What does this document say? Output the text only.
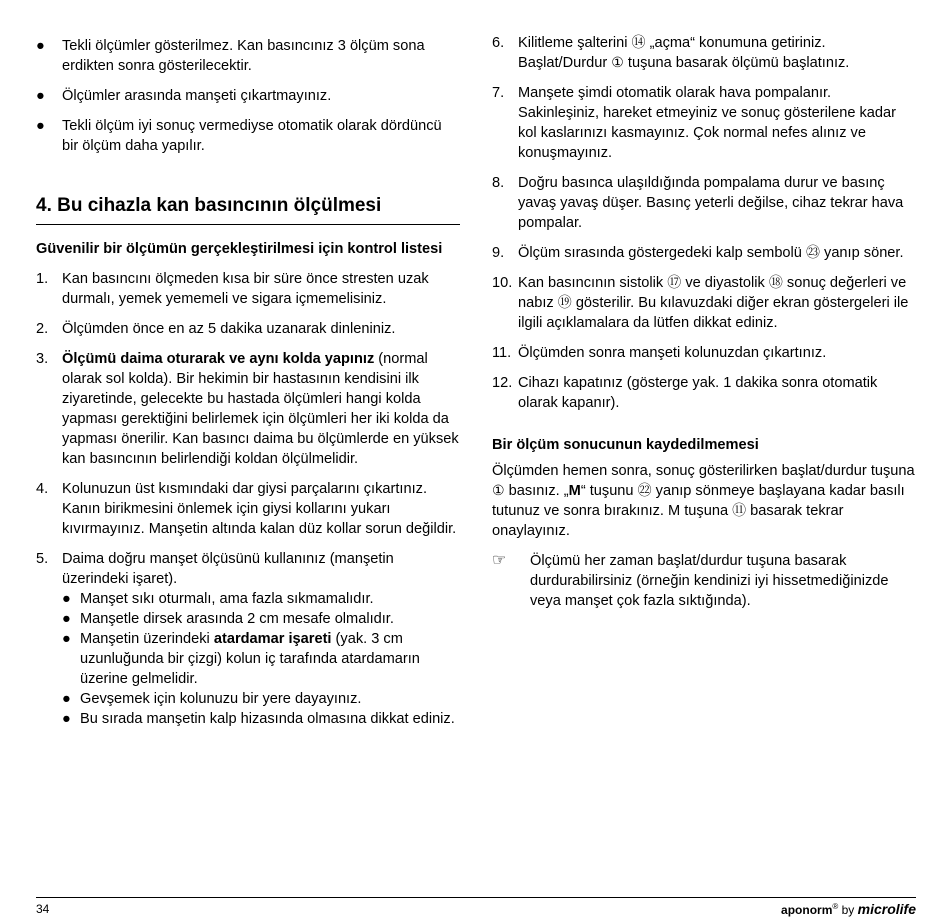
● Tekli ölçümler gösterilmez. Kan basıncınız 3 ölçüm sona erdikten sonra gösterilecektir.

● Ölçümler arasında manşeti çıkartmayınız.

● Tekli ölçüm iyi sonuç vermediyse otomatik olarak dördüncü bir ölçüm daha yapılır.

4. Bu cihazla kan basıncının ölçülmesi
Güvenilir bir ölçümün gerçekleştirilmesi için kontrol listesi
1. Kan basıncını ölçmeden kısa bir süre önce stresten uzak durmalı, yemek yememeli ve sigara içmemelisiniz.

2. Ölçümden önce en az 5 dakika uzanarak dinleniniz.

3. Ölçümü daima oturarak ve aynı kolda yapınız (normal olarak sol kolda). Bir hekimin bir hastasının kendisini ilk ziyaretinde, gelecekte bu hastada ölçümleri hangi kolda yapması gerektiğini belirlemek için ölçümleri her iki kolda da yapması önerilir. Kan basıncı daima bu ölçümlerde en yüksek kan basıncının belirlendiği koldan ölçülmelidir.

4. Kolunuzun üst kısmındaki dar giysi parçalarını çıkartınız. Kanın birikmesini önlemek için giysi kollarını yukarı kıvırmayınız. Manşetin altında kalan düz kollar sorun değildir.

5. Daima doğru manşet ölçüsünü kullanınız (manşetin üzerindeki işaret).

● Manşet sıkı oturmalı, ama fazla sıkmamalıdır.

● Manşetle dirsek arasında 2 cm mesafe olmalıdır.

● Manşetin üzerindeki atardamar işareti (yak. 3 cm uzunluğunda bir çizgi) kolun iç tarafında atardamarın üzerine gelmelidir.

● Gevşemek için kolunuzu bir yere dayayınız.

● Bu sırada manşetin kalp hizasında olmasına dikkat ediniz.

6. Kilitleme şalterini ⑭ „açma“ konumuna getiriniz. Başlat/Durdur ① tuşuna basarak ölçümü başlatınız.

7. Manşete şimdi otomatik olarak hava pompalanır. Sakinleşiniz, hareket etmeyiniz ve sonuç gösterilene kadar kol kaslarınızı kasmayınız. Çok normal nefes alınız ve konuşmayınız.

8. Doğru basınca ulaşıldığında pompalama durur ve basınç yavaş yavaş düşer. Basınç yeterli değilse, cihaz tekrar hava pompalar.

9. Ölçüm sırasında göstergedeki kalp sembolü ㉓ yanıp söner.

10. Kan basıncının sistolik ⑰ ve diyastolik ⑱ sonuç değerleri ve nabız ⑲ gösterilir. Bu kılavuzdaki diğer ekran göstergeleri ile ilgili açıklamalara da lütfen dikkat ediniz.

11. Ölçümden sonra manşeti kolunuzdan çıkartınız.

12. Cihazı kapatınız (gösterge yak. 1 dakika sonra otomatik olarak kapanır).

Bir ölçüm sonucunun kaydedilmemesi

Ölçümden hemen sonra, sonuç gösterilirken başlat/durdur tuşuna ① basınız. „M“ tuşunu ㉒ yanıp sönmeye başlayana kadar basılı tutunuz ve sonra bırakınız. M tuşuna ⑪ basarak tekrar onaylayınız.

☞ Ölçümü her zaman başlat/durdur tuşuna basarak durdurabilirsiniz (örneğin kendinizi iyi hissetmediğinizde veya manşet çok fazla sıktığında).

34	aponorm® by microlife
